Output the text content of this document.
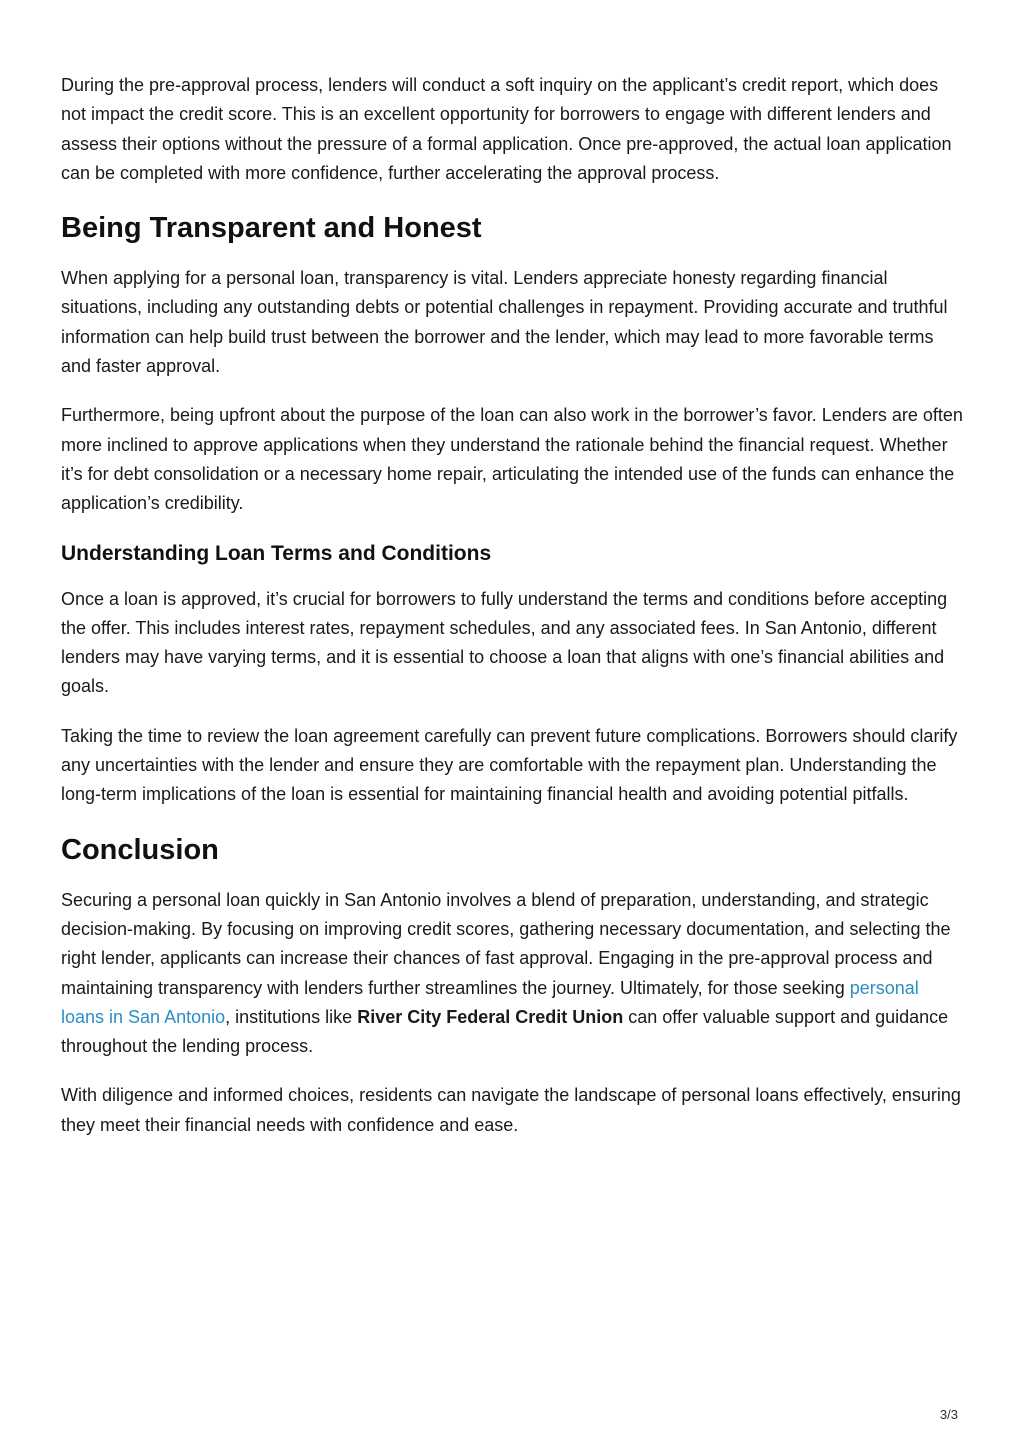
During the pre-approval process, lenders will conduct a soft inquiry on the applicant’s credit report, which does not impact the credit score. This is an excellent opportunity for borrowers to engage with different lenders and assess their options without the pressure of a formal application. Once pre-approved, the actual loan application can be completed with more confidence, further accelerating the approval process.

Being Transparent and Honest

When applying for a personal loan, transparency is vital. Lenders appreciate honesty regarding financial situations, including any outstanding debts or potential challenges in repayment. Providing accurate and truthful information can help build trust between the borrower and the lender, which may lead to more favorable terms and faster approval.

Furthermore, being upfront about the purpose of the loan can also work in the borrower’s favor. Lenders are often more inclined to approve applications when they understand the rationale behind the financial request. Whether it’s for debt consolidation or a necessary home repair, articulating the intended use of the funds can enhance the application’s credibility.

Understanding Loan Terms and Conditions

Once a loan is approved, it’s crucial for borrowers to fully understand the terms and conditions before accepting the offer. This includes interest rates, repayment schedules, and any associated fees. In San Antonio, different lenders may have varying terms, and it is essential to choose a loan that aligns with one’s financial abilities and goals.

Taking the time to review the loan agreement carefully can prevent future complications. Borrowers should clarify any uncertainties with the lender and ensure they are comfortable with the repayment plan. Understanding the long-term implications of the loan is essential for maintaining financial health and avoiding potential pitfalls.

Conclusion

Securing a personal loan quickly in San Antonio involves a blend of preparation, understanding, and strategic decision-making. By focusing on improving credit scores, gathering necessary documentation, and selecting the right lender, applicants can increase their chances of fast approval. Engaging in the pre-approval process and maintaining transparency with lenders further streamlines the journey. Ultimately, for those seeking personal loans in San Antonio, institutions like River City Federal Credit Union can offer valuable support and guidance throughout the lending process.

With diligence and informed choices, residents can navigate the landscape of personal loans effectively, ensuring they meet their financial needs with confidence and ease.

3/3
